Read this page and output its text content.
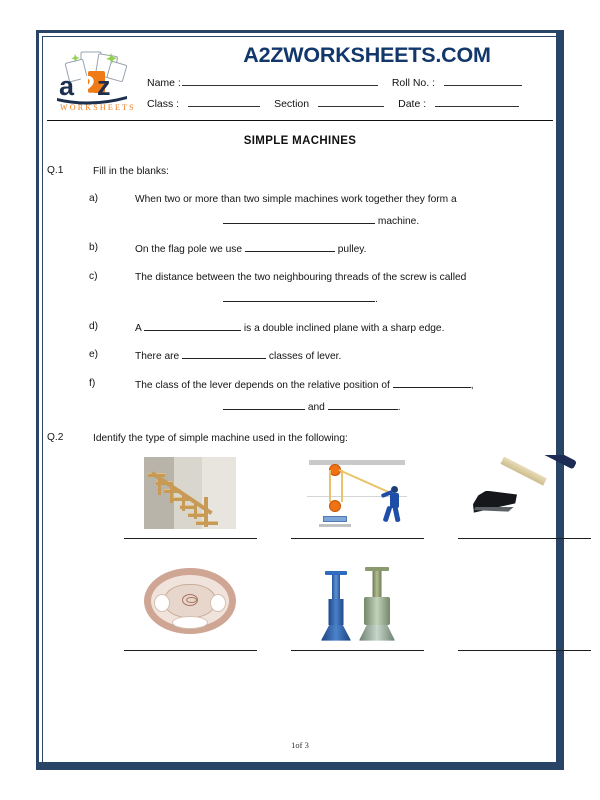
a 2 z
WORKSHEETS
A2ZWORKSHEETS.COM
Name :	Roll No. :
Class :	Section	Date :
SIMPLE MACHINES
Q.1	Fill in the blanks:
a)	When two or more than two simple machines work together they form a
machine.
b)	On the flag pole we use	pulley.
c)	The distance between the two neighbouring threads of the screw is called
.
d)	A	is a double inclined plane with a sharp edge.
e)	There are	classes of lever.
f)	The class of the lever depends on the relative position of	,
and	.
Q.2	Identify the type of simple machine used in the following:
1of 3
